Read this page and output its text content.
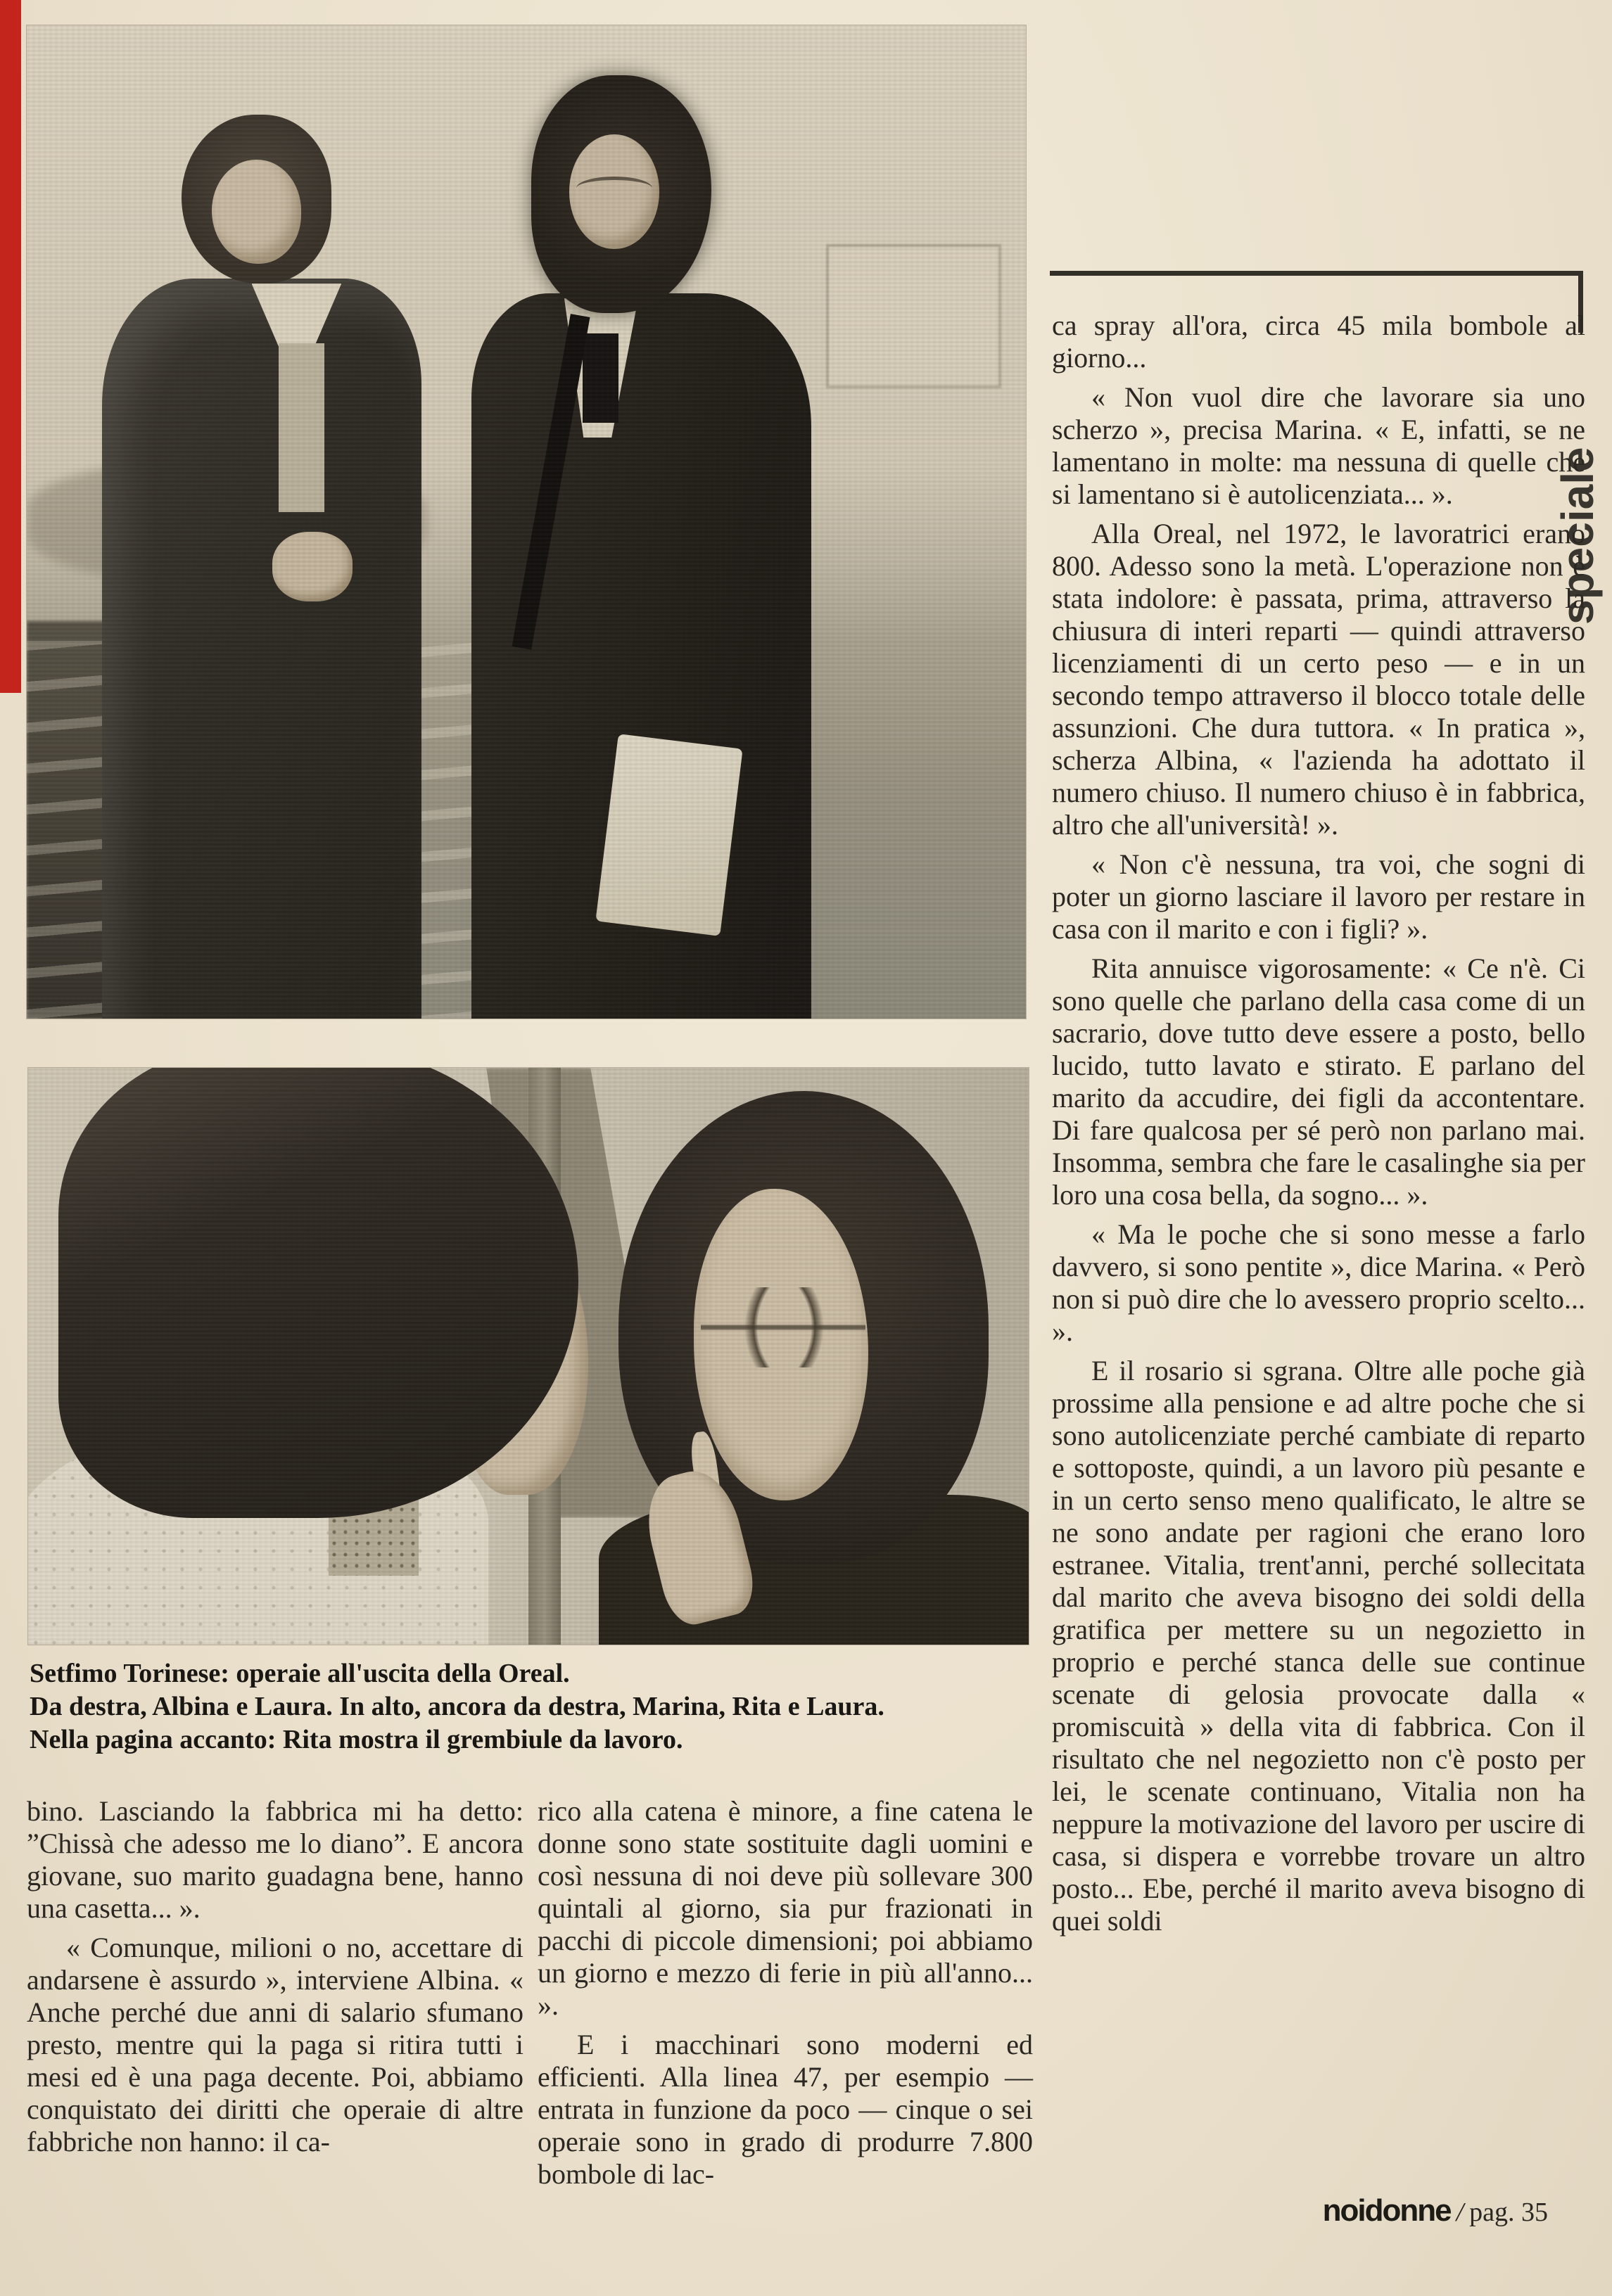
speciale

ca spray all'ora, circa 45 mila bombole al giorno...

« Non vuol dire che lavorare sia uno scherzo », precisa Marina. « E, infatti, se ne lamentano in molte: ma nessuna di quelle che si lamentano si è autolicenziata... ».

Alla Oreal, nel 1972, le lavoratrici erano 800. Adesso sono la metà. L'operazione non è stata indolore: è passata, prima, attraverso la chiusura di interi reparti — quindi attraverso licenziamenti di un certo peso — e in un secondo tempo attraverso il blocco totale delle assunzioni. Che dura tuttora. « In pratica », scherza Albina, « l'azienda ha adottato il numero chiuso. Il numero chiuso è in fabbrica, altro che all'università! ».

« Non c'è nessuna, tra voi, che sogni di poter un giorno lasciare il lavoro per restare in casa con il marito e con i figli? ».

Rita annuisce vigorosamente: « Ce n'è. Ci sono quelle che parlano della casa come di un sacrario, dove tutto deve essere a posto, bello lucido, tutto lavato e stirato. E parlano del marito da accudire, dei figli da accontentare. Di fare qualcosa per sé però non parlano mai. Insomma, sembra che fare le casalinghe sia per loro una cosa bella, da sogno... ».

« Ma le poche che si sono messe a farlo davvero, si sono pentite », dice Marina. « Però non si può dire che lo avessero proprio scelto... ».

E il rosario si sgrana. Oltre alle poche già prossime alla pensione e ad altre poche che si sono autolicenziate perché cambiate di reparto e sottoposte, quindi, a un lavoro più pesante e in un certo senso meno qualificato, le altre se ne sono andate per ragioni che erano loro estranee. Vitalia, trent'anni, perché sollecitata dal marito che aveva bisogno dei soldi della gratifica per mettere su un negozietto in proprio e perché stanca delle sue continue scenate di gelosia provocate dalla « promiscuità » della vita di fabbrica. Con il risultato che nel negozietto non c'è posto per lei, le scenate continuano, Vitalia non ha neppure la motivazione del lavoro per uscire di casa, si dispera e vorrebbe trovare un altro posto... Ebe, perché il marito aveva bisogno di quei soldi

Setfimo Torinese: operaie all'uscita della Oreal.
Da destra, Albina e Laura. In alto, ancora da destra, Marina, Rita e Laura.
Nella pagina accanto: Rita mostra il grembiule da lavoro.

bino. Lasciando la fabbrica mi ha detto: ”Chissà che adesso me lo diano”. E ancora giovane, suo marito guadagna bene, hanno una casetta... ».

« Comunque, milioni o no, accettare di andarsene è assurdo », interviene Albina. « Anche perché due anni di salario sfumano presto, mentre qui la paga si ritira tutti i mesi ed è una paga decente. Poi, abbiamo conquistato dei diritti che operaie di altre fabbriche non hanno: il ca-

rico alla catena è minore, a fine catena le donne sono state sostituite dagli uomini e così nessuna di noi deve più sollevare 300 quintali al giorno, sia pur frazionati in pacchi di piccole dimensioni; poi abbiamo un giorno e mezzo di ferie in più all'anno... ».

E i macchinari sono moderni ed efficienti. Alla linea 47, per esempio — entrata in funzione da poco — cinque o sei operaie sono in grado di produrre 7.800 bombole di lac-

noidonne / pag. 35
